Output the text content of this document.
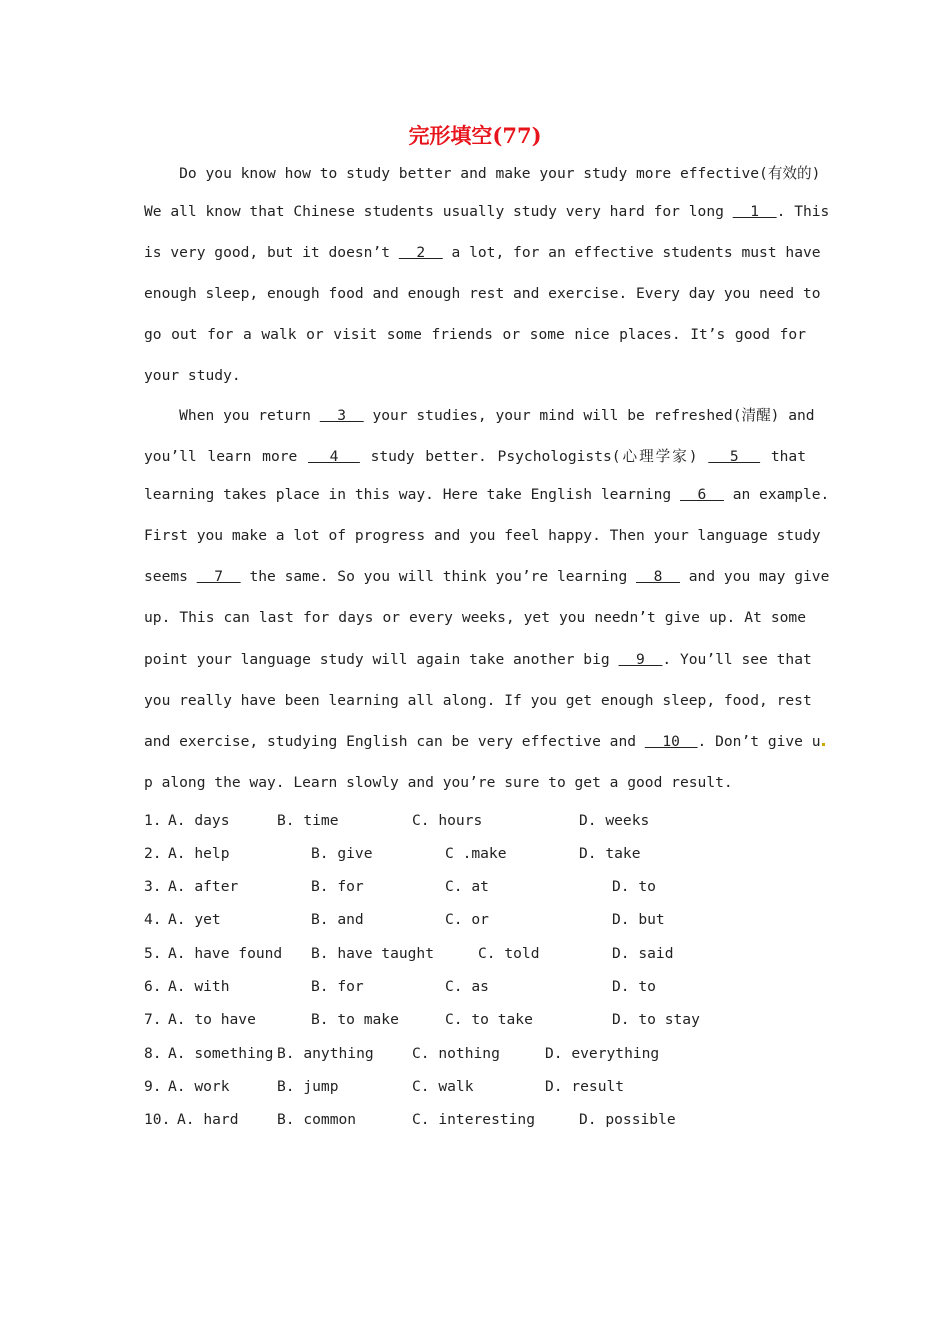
完形填空(77)
Do you know how to study better and make your study more effective(有效的)
We all know that Chinese students usually study very hard for long   1  . This
is very good, but it doesn’t   2   a lot, for an effective students must have
enough sleep, enough food and enough rest and exercise. Every day you need to
go out for a walk or visit some friends or some nice places. It’s good for
your study.
When you return   3   your studies, your mind will be refreshed(清醒) and
you’ll learn more   4   study better. Psychologists(心理学家)   5   that
learning takes place in this way. Here take English learning   6   an example.
First you make a lot of progress and you feel happy. Then your language study
seems   7   the same. So you will think you’re learning   8   and you may give
up. This can last for days or every weeks, yet you needn’t give up. At some
point your language study will again take another big   9  . You’ll see that
you really have been learning all along. If you get enough sleep, food, rest
and exercise, studying English can be very effective and   10  . Don’t give u
p along the way. Learn slowly and you’re sure to get a good result.
1. A. days	B. time	C. hours	D. weeks
2. A. help	B. give	C .make	D. take
3. A. after	B. for	C. at	D. to
4. A. yet	B. and	C. or	D. but
5. A. have found B. have taught	C. told	D. said
6. A. with	B. for	C. as	D. to
7. A. to have	B. to make	C. to take	D. to stay
8. A. something B. anything	C. nothing	D. everything
9. A. work	B. jump	C. walk	D. result
10. A. hard	B. common	C. interesting	D. possible
